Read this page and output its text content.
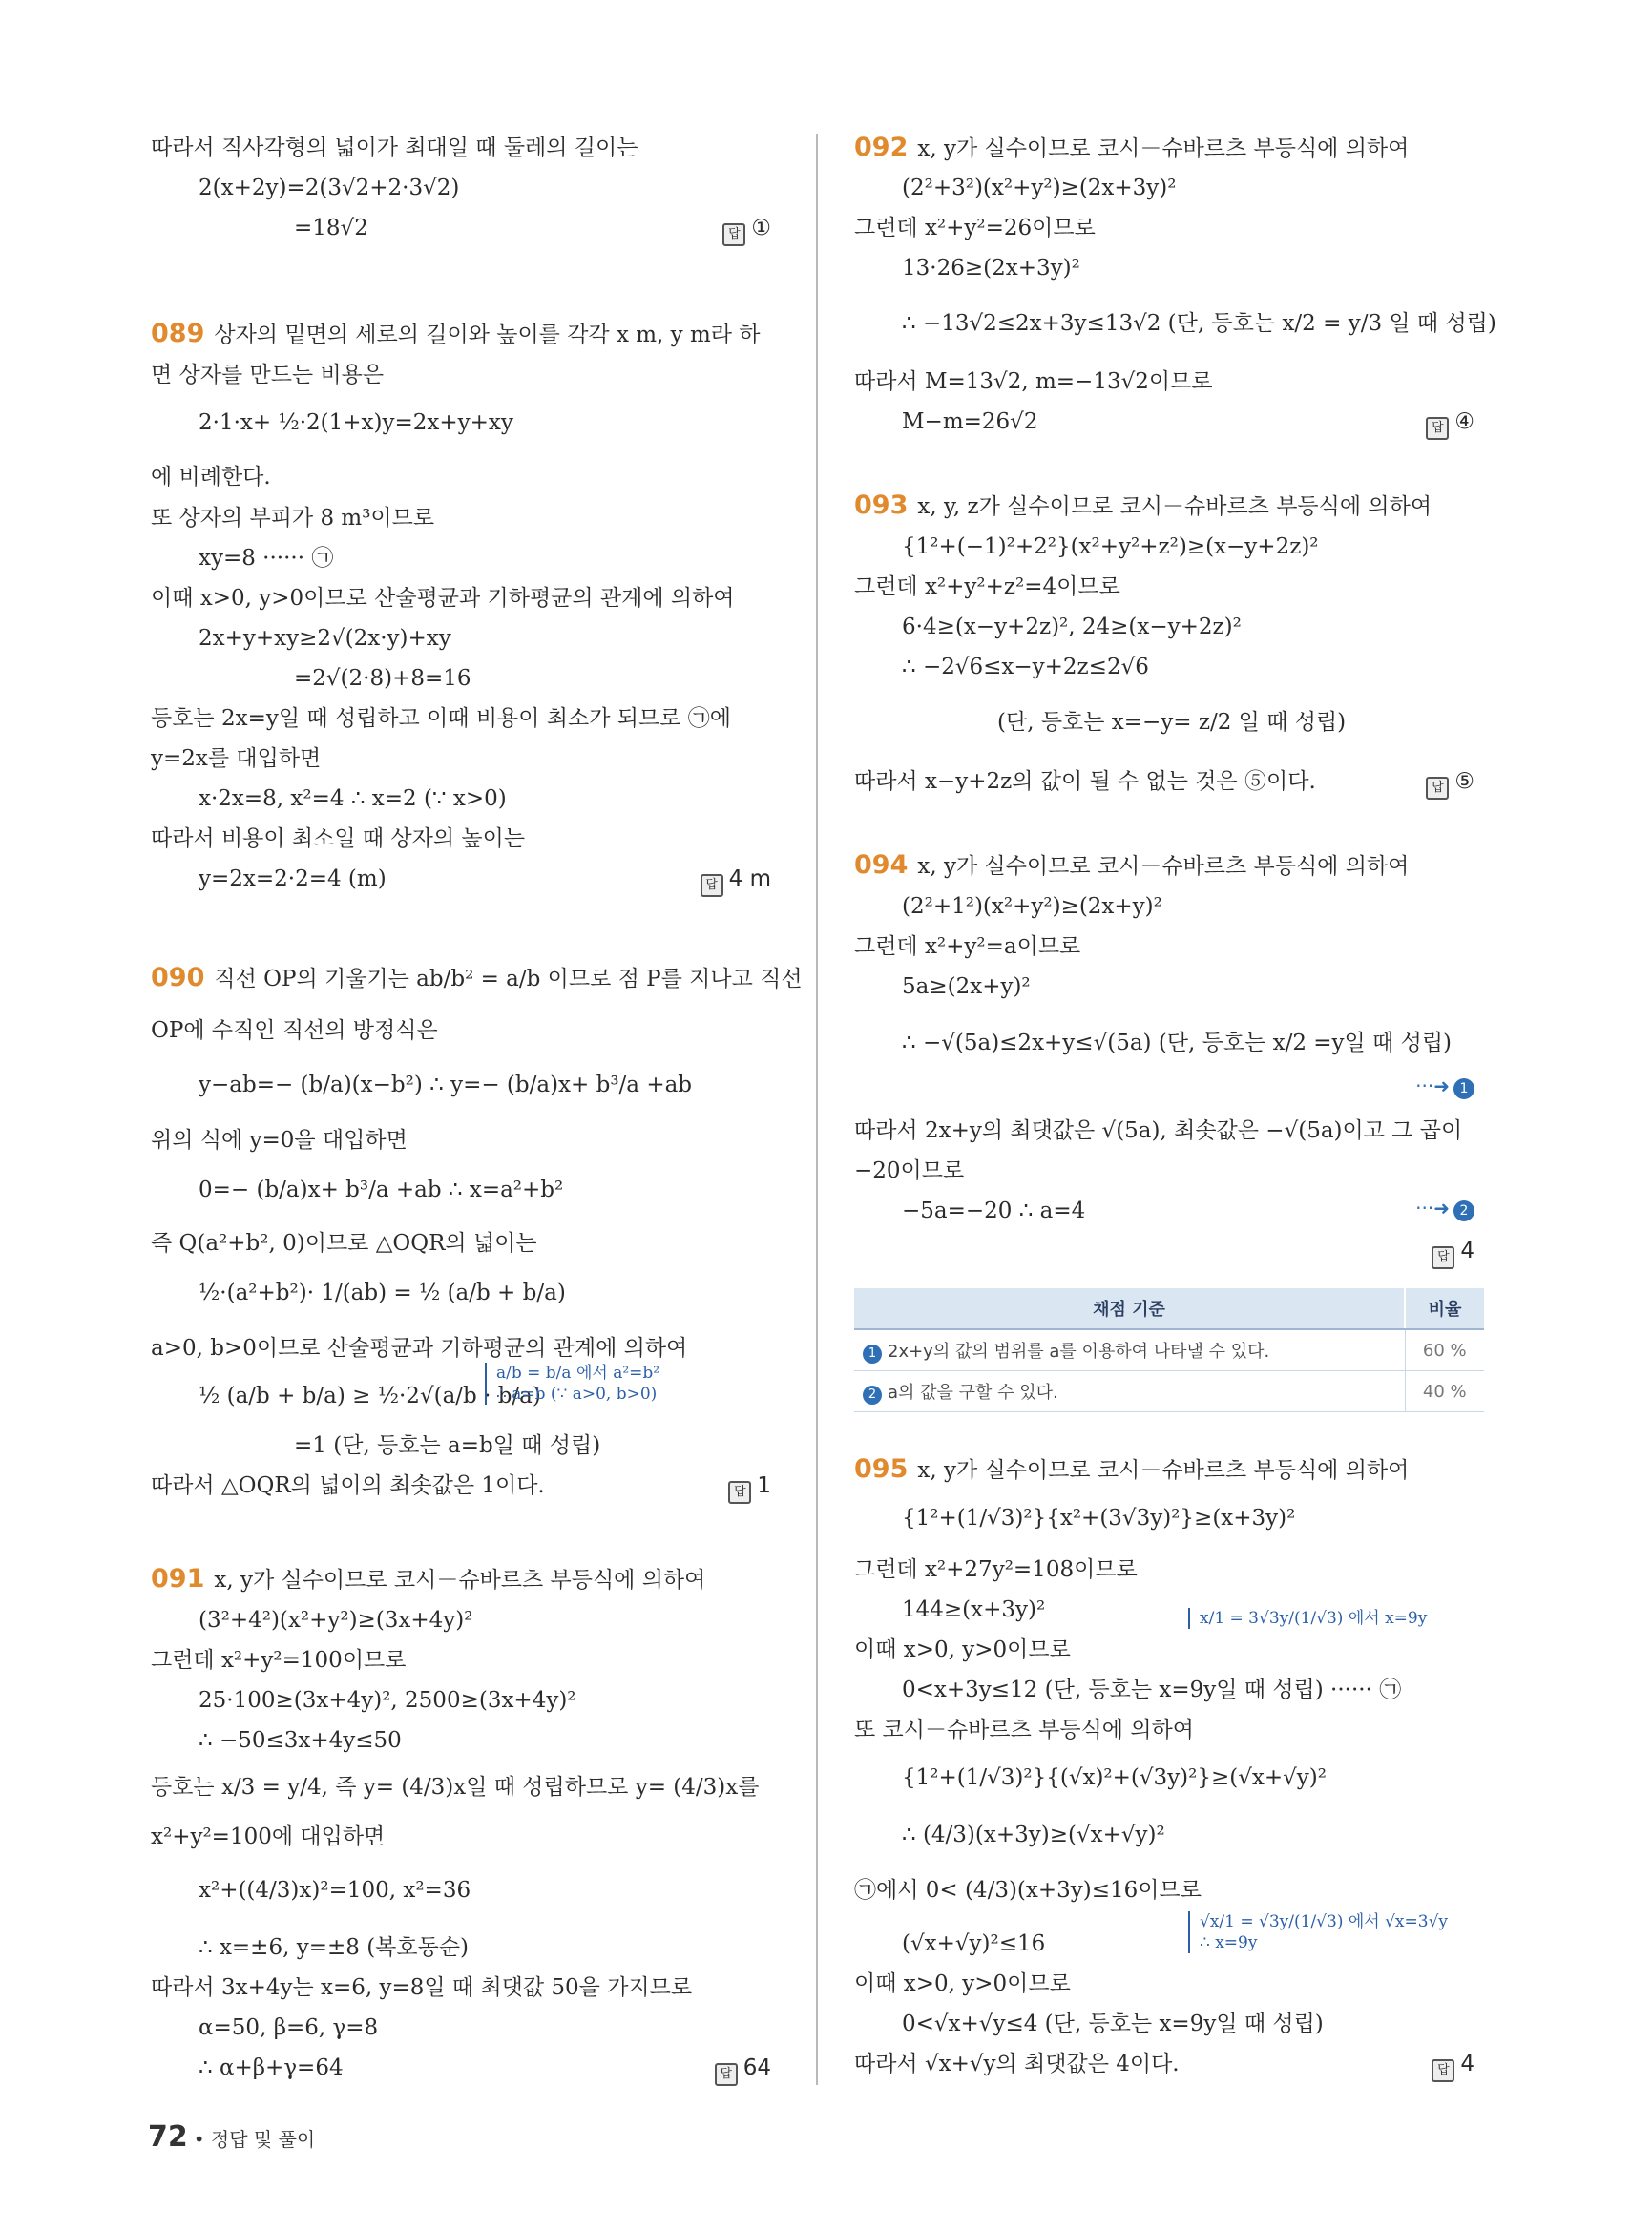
따라서 직사각형의 넓이가 최대일 때 둘레의 길이는
2(x+2y)=2(3√2+2·3√2)
=18√2
089 상자의 밑면의 세로의 길이와 높이를 각각 x m, y m라 하
면 상자를 만드는 비용은
2·1·x+ ½·2(1+x)y=2x+y+xy
에 비례한다.
또 상자의 부피가 8 m³이므로
xy=8 ······ ㉠
이때 x>0, y>0이므로 산술평균과 기하평균의 관계에 의하여
2x+y+xy≥2√(2x·y)+xy
=2√(2·8)+8=16
등호는 2x=y일 때 성립하고 이때 비용이 최소가 되므로 ㉠에
y=2x를 대입하면
x·2x=8, x²=4 ∴ x=2 (∵ x>0)
따라서 비용이 최소일 때 상자의 높이는
y=2x=2·2=4 (m)
090 직선 OP의 기울기는 ab/b² = a/b 이므로 점 P를 지나고 직선
OP에 수직인 직선의 방정식은
y−ab=− (b/a)(x−b²) ∴ y=− (b/a)x+ b³/a +ab
위의 식에 y=0을 대입하면
0=− (b/a)x+ b³/a +ab ∴ x=a²+b²
즉 Q(a²+b², 0)이므로 △OQR의 넓이는
½·(a²+b²)· 1/(ab) = ½ (a/b + b/a)
a>0, b>0이므로 산술평균과 기하평균의 관계에 의하여
½ (a/b + b/a) ≥ ½·2√(a/b · b/a)
=1 (단, 등호는 a=b일 때 성립)
따라서 △OQR의 넓이의 최솟값은 1이다.
091 x, y가 실수이므로 코시－슈바르츠 부등식에 의하여
(3²+4²)(x²+y²)≥(3x+4y)²
그런데 x²+y²=100이므로
25·100≥(3x+4y)², 2500≥(3x+4y)²
∴ −50≤3x+4y≤50
등호는 x/3 = y/4, 즉 y= (4/3)x일 때 성립하므로 y= (4/3)x를
x²+y²=100에 대입하면
x²+((4/3)x)²=100, x²=36
∴ x=±6, y=±8 (복호동순)
따라서 3x+4y는 x=6, y=8일 때 최댓값 50을 가지므로
α=50, β=6, γ=8
∴ α+β+γ=64
답 ①
답 4 m
답 1
답 64
a/b = b/a 에서 a²=b²
∴ a=b (∵ a>0, b>0)
채점 기준	비율
1 2x+y의 값의 범위를 a를 이용하여 나타낼 수 있다.	60 %
2 a의 값을 구할 수 있다.	40 %
092 x, y가 실수이므로 코시－슈바르츠 부등식에 의하여
(2²+3²)(x²+y²)≥(2x+3y)²
그런데 x²+y²=26이므로
13·26≥(2x+3y)²
∴ −13√2≤2x+3y≤13√2 (단, 등호는 x/2 = y/3 일 때 성립)
따라서 M=13√2, m=−13√2이므로
M−m=26√2
093 x, y, z가 실수이므로 코시－슈바르츠 부등식에 의하여
{1²+(−1)²+2²}(x²+y²+z²)≥(x−y+2z)²
그런데 x²+y²+z²=4이므로
6·4≥(x−y+2z)², 24≥(x−y+2z)²
∴ −2√6≤x−y+2z≤2√6
(단, 등호는 x=−y= z/2 일 때 성립)
따라서 x−y+2z의 값이 될 수 없는 것은 ⑤이다.
094 x, y가 실수이므로 코시－슈바르츠 부등식에 의하여
(2²+1²)(x²+y²)≥(2x+y)²
그런데 x²+y²=a이므로
5a≥(2x+y)²
∴ −√(5a)≤2x+y≤√(5a) (단, 등호는 x/2 =y일 때 성립)
따라서 2x+y의 최댓값은 √(5a), 최솟값은 −√(5a)이고 그 곱이
−20이므로
−5a=−20 ∴ a=4
095 x, y가 실수이므로 코시－슈바르츠 부등식에 의하여
{1²+(1/√3)²}{x²+(3√3y)²}≥(x+3y)²
그런데 x²+27y²=108이므로
144≥(x+3y)²
이때 x>0, y>0이므로
0<x+3y≤12 (단, 등호는 x=9y일 때 성립) ······ ㉠
또 코시－슈바르츠 부등식에 의하여
{1²+(1/√3)²}{(√x)²+(√3y)²}≥(√x+√y)²
∴ (4/3)(x+3y)≥(√x+√y)²
㉠에서 0< (4/3)(x+3y)≤16이므로
(√x+√y)²≤16
이때 x>0, y>0이므로
0<√x+√y≤4 (단, 등호는 x=9y일 때 성립)
따라서 √x+√y의 최댓값은 4이다.
답 ④
답 ⑤
답 4
답 4
···➜ 1
···➜ 2
x/1 = 3√3y/(1/√3) 에서 x=9y
√x/1 = √3y/(1/√3) 에서 √x=3√y
∴ x=9y
72 • 정답 및 풀이
